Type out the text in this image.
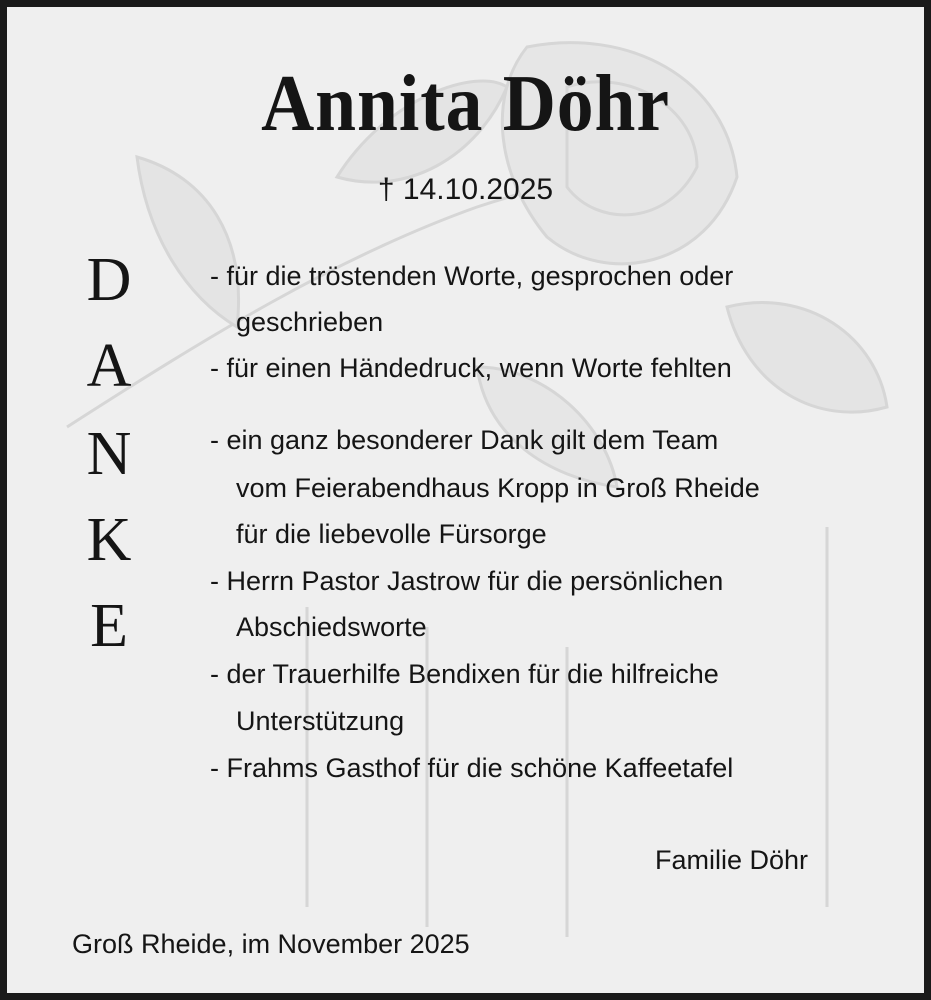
Annita Döhr
† 14.10.2025
D
A
N
K
E
- für die tröstenden Worte, gesprochen oder
geschrieben
- für einen Händedruck, wenn Worte fehlten
- ein ganz besonderer Dank gilt dem Team
vom Feierabendhaus Kropp in Groß Rheide
für die liebevolle Fürsorge
- Herrn Pastor Jastrow für die persönlichen
Abschiedsworte
- der Trauerhilfe Bendixen für die hilfreiche
Unterstützung
- Frahms Gasthof für die schöne Kaffeetafel
Familie Döhr
Groß Rheide, im November 2025
